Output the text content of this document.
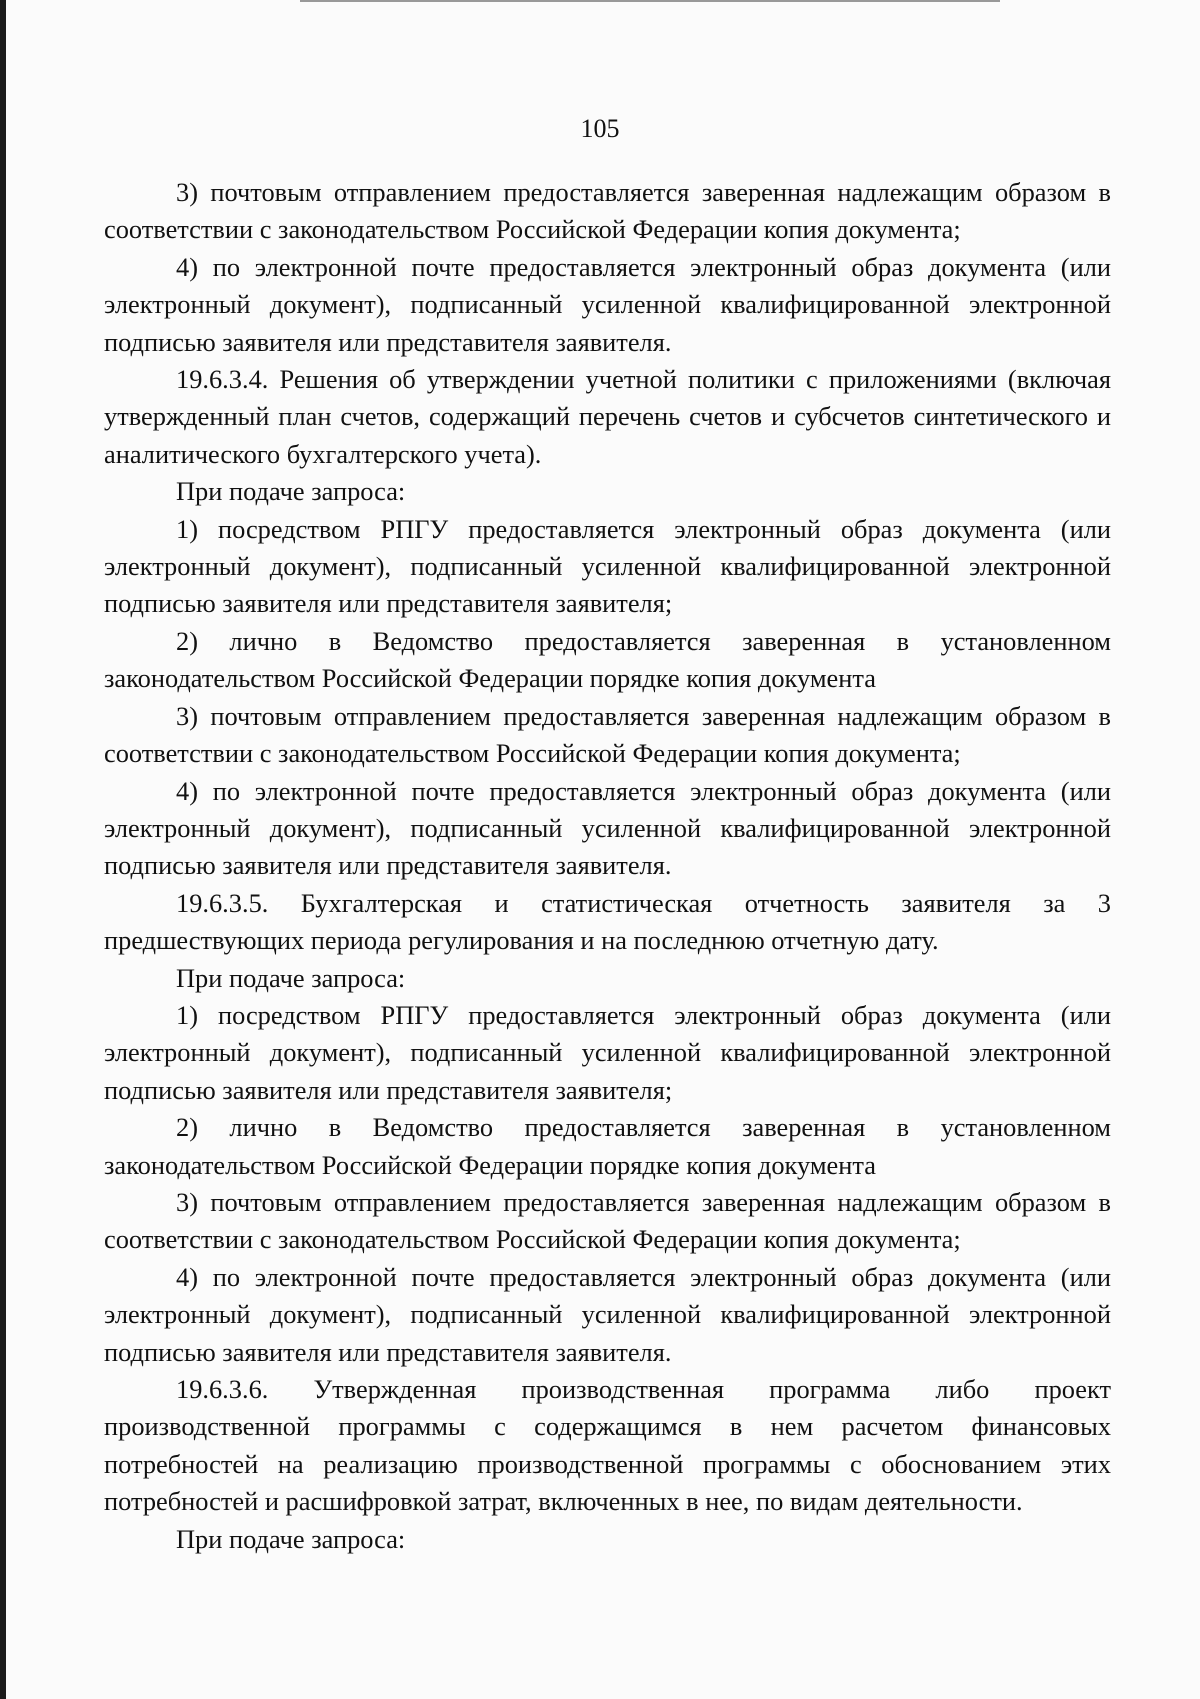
105

3) почтовым отправлением предоставляется заверенная надлежащим образом в соответствии с законодательством Российской Федерации копия документа;

4) по электронной почте предоставляется электронный образ документа (или электронный документ), подписанный усиленной квалифицированной электронной подписью заявителя или представителя заявителя.

19.6.3.4. Решения об утверждении учетной политики с приложениями (включая утвержденный план счетов, содержащий перечень счетов и субсчетов синтетического и аналитического бухгалтерского учета).

При подаче запроса:

1) посредством РПГУ предоставляется электронный образ документа (или электронный документ), подписанный усиленной квалифицированной электронной подписью заявителя или представителя заявителя;

2) лично в Ведомство предоставляется заверенная в установленном законодательством Российской Федерации порядке копия документа

3) почтовым отправлением предоставляется заверенная надлежащим образом в соответствии с законодательством Российской Федерации копия документа;

4) по электронной почте предоставляется электронный образ документа (или электронный документ), подписанный усиленной квалифицированной электронной подписью заявителя или представителя заявителя.

19.6.3.5. Бухгалтерская и статистическая отчетность заявителя за 3 предшествующих периода регулирования и на последнюю отчетную дату.

При подаче запроса:

1) посредством РПГУ предоставляется электронный образ документа (или электронный документ), подписанный усиленной квалифицированной электронной подписью заявителя или представителя заявителя;

2) лично в Ведомство предоставляется заверенная в установленном законодательством Российской Федерации порядке копия документа

3) почтовым отправлением предоставляется заверенная надлежащим образом в соответствии с законодательством Российской Федерации копия документа;

4) по электронной почте предоставляется электронный образ документа (или электронный документ), подписанный усиленной квалифицированной электронной подписью заявителя или представителя заявителя.

19.6.3.6. Утвержденная производственная программа либо проект производственной программы с содержащимся в нем расчетом финансовых потребностей на реализацию производственной программы с обоснованием этих потребностей и расшифровкой затрат, включенных в нее, по видам деятельности.

При подаче запроса:
